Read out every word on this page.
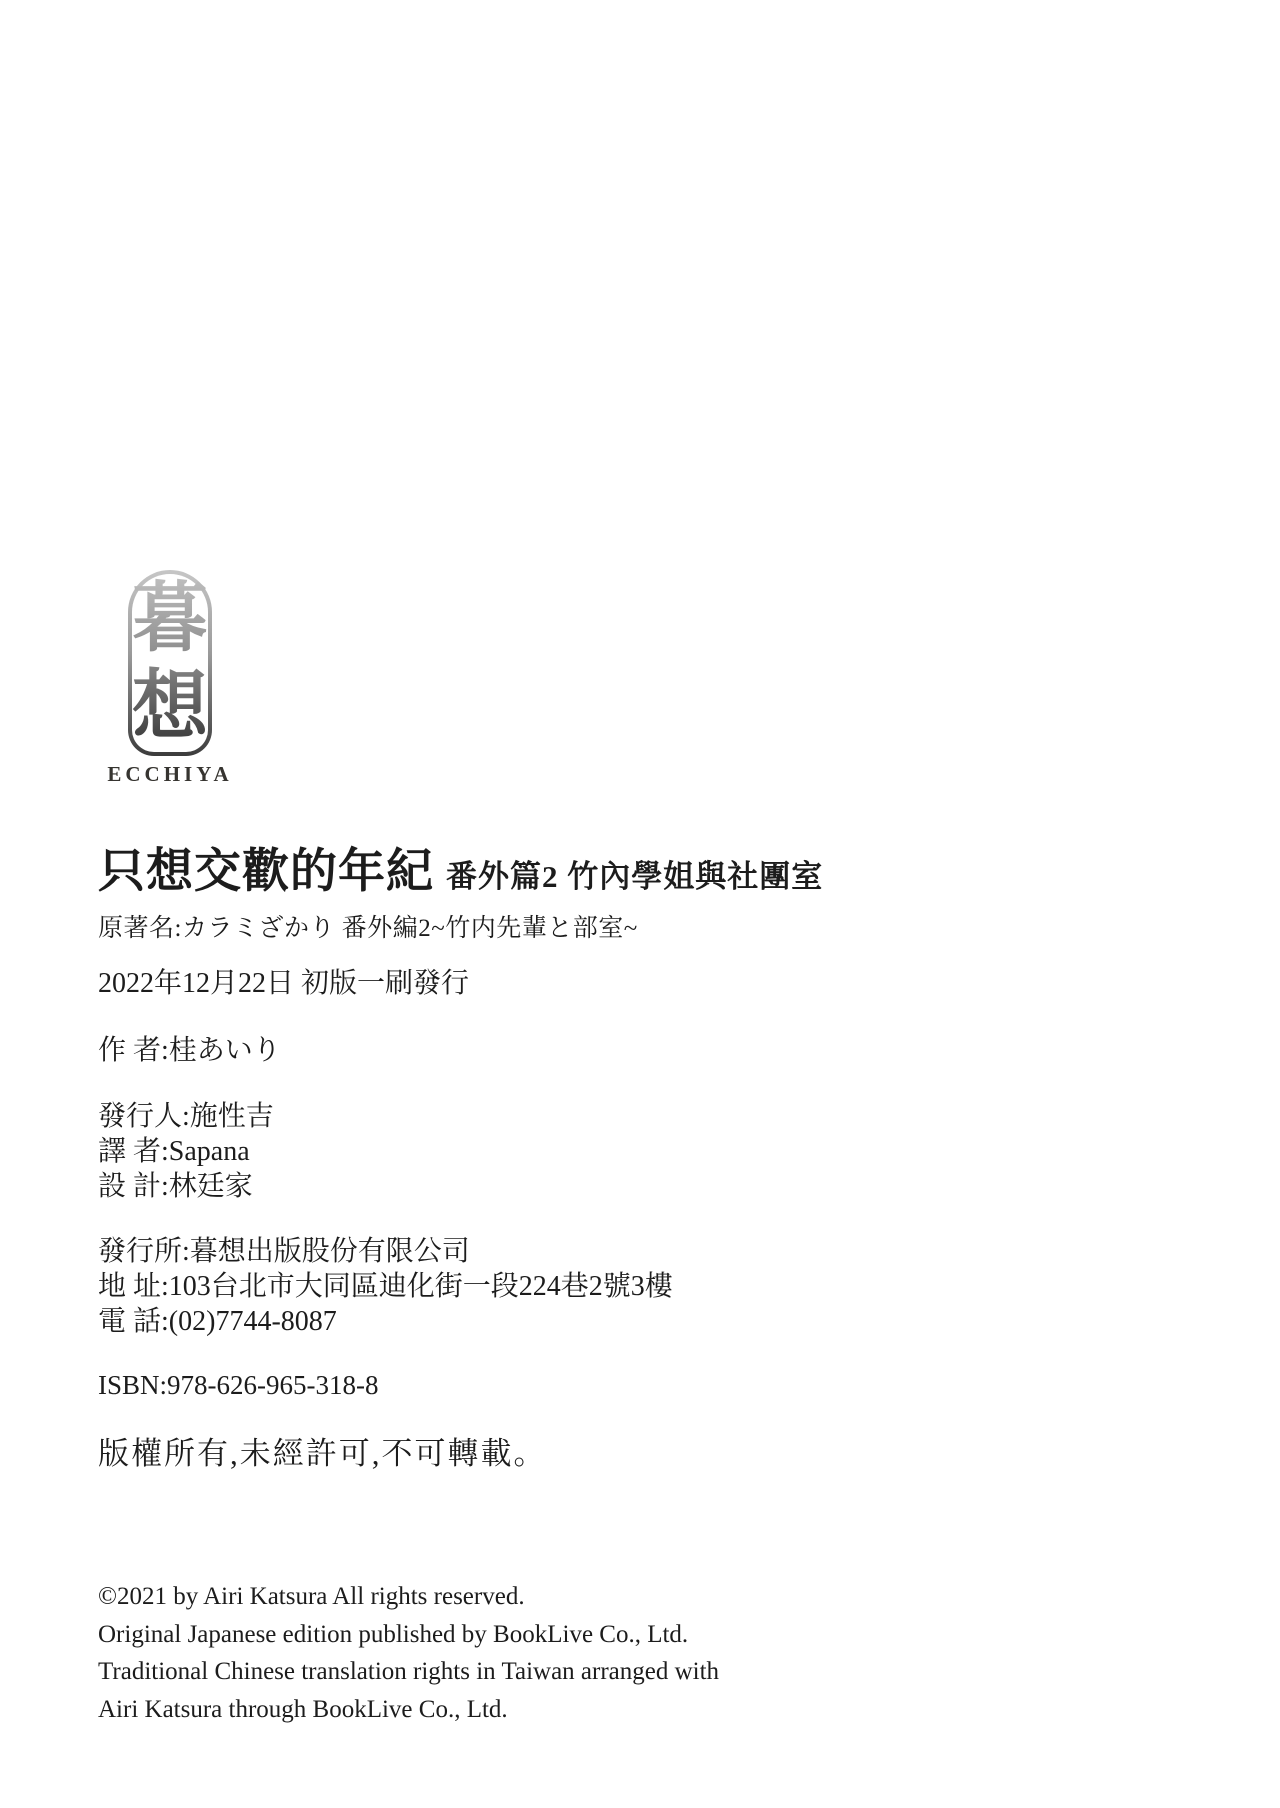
暮
想
ECCHIYA
只想交歡的年紀 番外篇2 竹內學姐與社團室
原著名:カラミざかり 番外編2~竹内先輩と部室~
2022年12月22日 初版一刷發行
作 者:桂あいり
發行人:施性吉
譯 者:Sapana
設 計:林廷家
發行所:暮想出版股份有限公司
地 址:103台北市大同區迪化街一段224巷2號3樓
電 話:(02)7744-8087
ISBN:978-626-965-318-8
版權所有,未經許可,不可轉載。
©2021 by Airi Katsura All rights reserved.
Original Japanese edition published by BookLive Co., Ltd.
Traditional Chinese translation rights in Taiwan arranged with
Airi Katsura through BookLive Co., Ltd.
